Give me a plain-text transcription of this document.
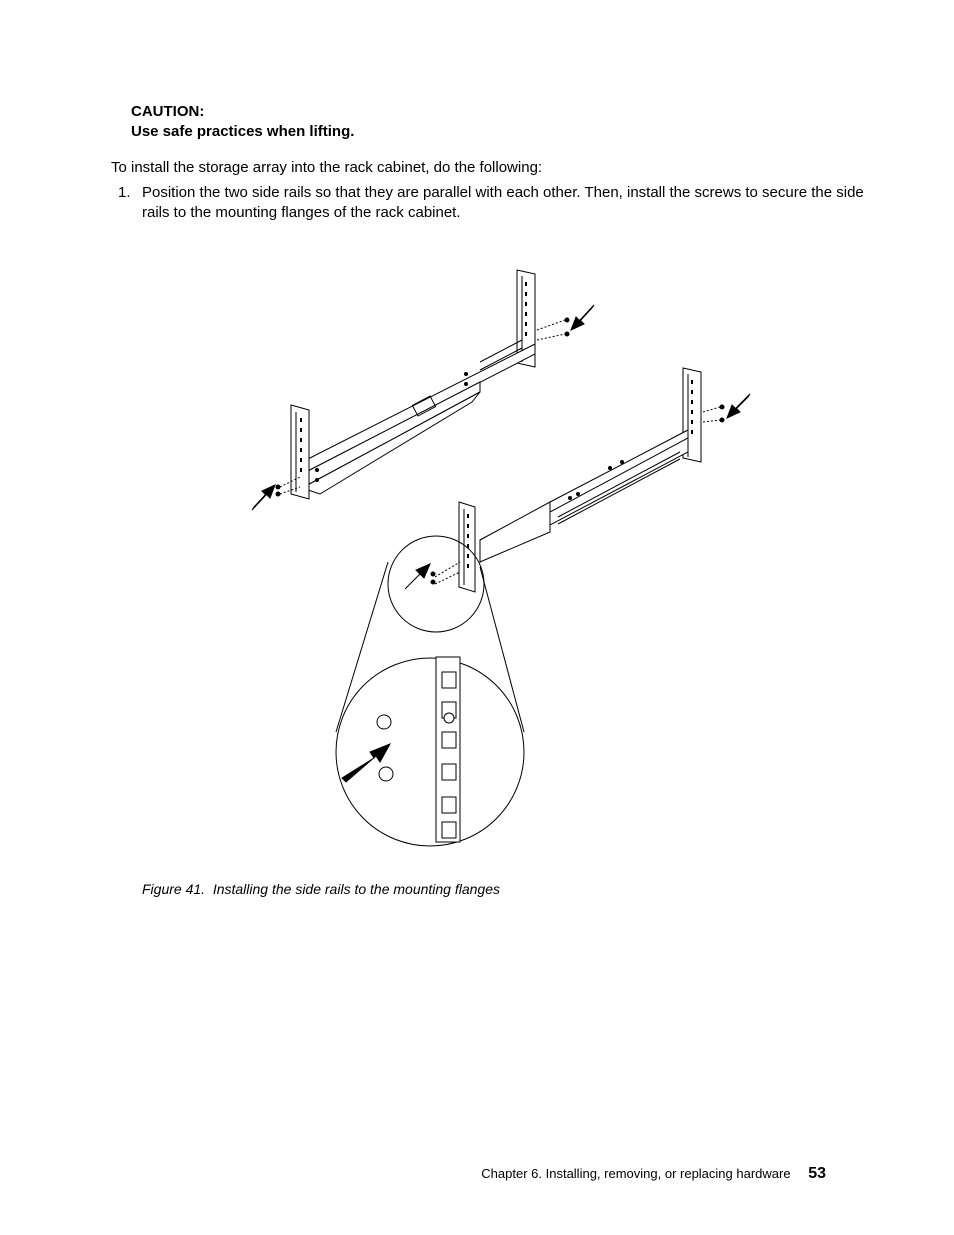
CAUTION:
Use safe practices when lifting.
To install the storage array into the rack cabinet, do the following:
1. Position the two side rails so that they are parallel with each other. Then, install the screws to secure the side rails to the mounting flanges of the rack cabinet.
Figure 41. Installing the side rails to the mounting flanges
Chapter 6. Installing, removing, or replacing hardware 53
